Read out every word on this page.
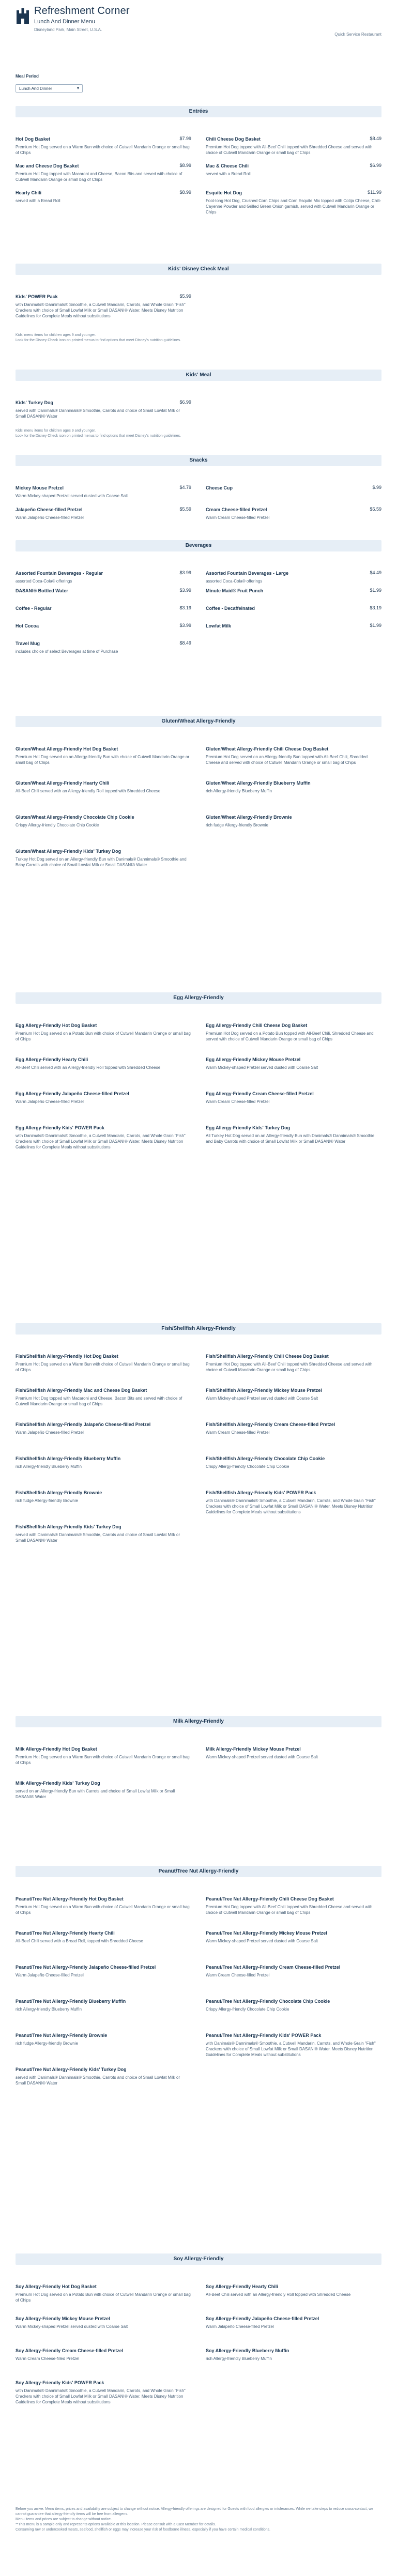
Refreshment Corner
Lunch And Dinner Menu
Disneyland Park, Main Street, U.S.A.
Quick Service Restaurant
Meal Period
Lunch And Dinner	▾
Entrées
Hot Dog Basket	$7.99
Premium Hot Dog served on a Warm Bun with choice of Cutwell Mandarin Orange or small bag of Chips
Chili Cheese Dog Basket	$8.49
Premium Hot Dog topped with All-Beef Chili topped with Shredded Cheese and served with choice of Cutwell Mandarin Orange or small bag of Chips
Mac and Cheese Dog Basket	$8.99
Premium Hot Dog topped with Macaroni and Cheese, Bacon Bits and served with choice of Cutwell Mandarin Orange or small bag of Chips
Mac & Cheese Chili	$6.99
served with a Bread Roll
Hearty Chili	$8.99
served with a Bread Roll
Esquite Hot Dog	$11.99
Foot-long Hot Dog, Crushed Corn Chips and Corn Esquite Mix topped with Cotija Cheese, Chili-Cayenne Powder and Grilled Green Onion garnish, served with Cutwell Mandarin Orange or Chips
Kids' Disney Check Meal
Kids' POWER Pack	$5.99
with Danimals® Dannimals® Smoothie, a Cutwell Mandarin, Carrots, and Whole Grain "Fish" Crackers with choice of Small Lowfat Milk or Small DASANI® Water. Meets Disney Nutrition Guidelines for Complete Meals without substitutions
Kids' menu items for children ages 9 and younger.
Look for the Disney Check icon on printed menus to find options that meet Disney's nutrition guidelines.
Kids' Meal
Kids' Turkey Dog	$6.99
served with Danimals® Dannimals® Smoothie, Carrots and choice of Small Lowfat Milk or Small DASANI® Water
Kids' menu items for children ages 9 and younger.
Look for the Disney Check icon on printed menus to find options that meet Disney's nutrition guidelines.
Snacks
Mickey Mouse Pretzel	$4.79
Warm Mickey-shaped Pretzel served dusted with Coarse Salt
Cheese Cup	$.99
Jalapeño Cheese-filled Pretzel	$5.59
Warm Jalapeño Cheese-filled Pretzel
Cream Cheese-filled Pretzel	$5.59
Warm Cream Cheese-filled Pretzel
Beverages
Assorted Fountain Beverages - Regular	$3.99
assorted Coca-Cola® offerings
Assorted Fountain Beverages - Large	$4.49
assorted Coca-Cola® offerings
DASANI® Bottled Water	$3.99	Minute Maid® Fruit Punch	$1.99
Coffee - Regular	$3.19	Coffee - Decaffeinated	$3.19
Hot Cocoa	$3.99	Lowfat Milk	$1.99
Travel Mug	$8.49
includes choice of select Beverages at time of Purchase
Gluten/Wheat Allergy-Friendly
Gluten/Wheat Allergy-Friendly Hot Dog Basket
Premium Hot Dog served on an Allergy-friendly Bun with choice of Cutwell Mandarin Orange or small bag of Chips
Gluten/Wheat Allergy-Friendly Chili Cheese Dog Basket
Premium Hot Dog served on an Allergy-friendly Bun topped with All-Beef Chili, Shredded Cheese and served with choice of Cutwell Mandarin Orange or small bag of Chips
Gluten/Wheat Allergy-Friendly Hearty Chili
All-Beef Chili served with an Allergy-friendly Roll topped with Shredded Cheese
Gluten/Wheat Allergy-Friendly Blueberry Muffin
rich Allergy-friendly Blueberry Muffin
Gluten/Wheat Allergy-Friendly Chocolate Chip Cookie
Crispy Allergy-friendly Chocolate Chip Cookie
Gluten/Wheat Allergy-Friendly Brownie
rich fudge Allergy-friendly Brownie
Gluten/Wheat Allergy-Friendly Kids' Turkey Dog
Turkey Hot Dog served on an Allergy-friendly Bun with Danimals® Dannimals® Smoothie and Baby Carrots with choice of Small Lowfat Milk or Small DASANI® Water
Egg Allergy-Friendly
Egg Allergy-Friendly Hot Dog Basket
Premium Hot Dog served on a Potato Bun with choice of Cutwell Mandarin Orange or small bag of Chips
Egg Allergy-Friendly Chili Cheese Dog Basket
Premium Hot Dog served on a Potato Bun topped with All-Beef Chili, Shredded Cheese and served with choice of Cutwell Mandarin Orange or small bag of Chips
Egg Allergy-Friendly Hearty Chili
All-Beef Chili served with an Allergy-friendly Roll topped with Shredded Cheese
Egg Allergy-Friendly Mickey Mouse Pretzel
Warm Mickey-shaped Pretzel served dusted with Coarse Salt
Egg Allergy-Friendly Jalapeño Cheese-filled Pretzel
Warm Jalapeño Cheese-filled Pretzel
Egg Allergy-Friendly Cream Cheese-filled Pretzel
Warm Cream Cheese-filled Pretzel
Egg Allergy-Friendly Kids' POWER Pack
with Danimals® Dannimals® Smoothie, a Cutwell Mandarin, Carrots, and Whole Grain "Fish" Crackers with choice of Small Lowfat Milk or Small DASANI® Water. Meets Disney Nutrition Guidelines for Complete Meals without substitutions
Egg Allergy-Friendly Kids' Turkey Dog
All Turkey Hot Dog served on an Allergy-friendly Bun with Danimals® Dannimals® Smoothie and Baby Carrots with choice of Small Lowfat Milk or Small DASANI® Water
Fish/Shellfish Allergy-Friendly
Fish/Shellfish Allergy-Friendly Hot Dog Basket
Premium Hot Dog served on a Warm Bun with choice of Cutwell Mandarin Orange or small bag of Chips
Fish/Shellfish Allergy-Friendly Chili Cheese Dog Basket
Premium Hot Dog topped with All-Beef Chili topped with Shredded Cheese and served with choice of Cutwell Mandarin Orange or small bag of Chips
Fish/Shellfish Allergy-Friendly Mac and Cheese Dog Basket
Premium Hot Dog topped with Macaroni and Cheese, Bacon Bits and served with choice of Cutwell Mandarin Orange or small bag of Chips
Fish/Shellfish Allergy-Friendly Mickey Mouse Pretzel
Warm Mickey-shaped Pretzel served dusted with Coarse Salt
Fish/Shellfish Allergy-Friendly Jalapeño Cheese-filled Pretzel
Warm Jalapeño Cheese-filled Pretzel
Fish/Shellfish Allergy-Friendly Cream Cheese-filled Pretzel
Warm Cream Cheese-filled Pretzel
Fish/Shellfish Allergy-Friendly Blueberry Muffin
rich Allergy-friendly Blueberry Muffin
Fish/Shellfish Allergy-Friendly Chocolate Chip Cookie
Crispy Allergy-friendly Chocolate Chip Cookie
Fish/Shellfish Allergy-Friendly Brownie
rich fudge Allergy-friendly Brownie
Fish/Shellfish Allergy-Friendly Kids' POWER Pack
with Danimals® Dannimals® Smoothie, a Cutwell Mandarin, Carrots, and Whole Grain "Fish" Crackers with choice of Small Lowfat Milk or Small DASANI® Water. Meets Disney Nutrition Guidelines for Complete Meals without substitutions
Fish/Shellfish Allergy-Friendly Kids' Turkey Dog
served with Danimals® Dannimals® Smoothie, Carrots and choice of Small Lowfat Milk or Small DASANI® Water
Milk Allergy-Friendly
Milk Allergy-Friendly Hot Dog Basket
Premium Hot Dog served on a Warm Bun with choice of Cutwell Mandarin Orange or small bag of Chips
Milk Allergy-Friendly Mickey Mouse Pretzel
Warm Mickey-shaped Pretzel served dusted with Coarse Salt
Milk Allergy-Friendly Kids' Turkey Dog
served on an Allergy-friendly Bun with Carrots and choice of Small Lowfat Milk or Small DASANI® Water
Peanut/Tree Nut Allergy-Friendly
Peanut/Tree Nut Allergy-Friendly Hot Dog Basket
Premium Hot Dog served on a Warm Bun with choice of Cutwell Mandarin Orange or small bag of Chips
Peanut/Tree Nut Allergy-Friendly Chili Cheese Dog Basket
Premium Hot Dog topped with All-Beef Chili topped with Shredded Cheese and served with choice of Cutwell Mandarin Orange or small bag of Chips
Peanut/Tree Nut Allergy-Friendly Hearty Chili
All-Beef Chili served with a Bread Roll, topped with Shredded Cheese
Peanut/Tree Nut Allergy-Friendly Mickey Mouse Pretzel
Warm Mickey-shaped Pretzel served dusted with Coarse Salt
Peanut/Tree Nut Allergy-Friendly Jalapeño Cheese-filled Pretzel
Warm Jalapeño Cheese-filled Pretzel
Peanut/Tree Nut Allergy-Friendly Cream Cheese-filled Pretzel
Warm Cream Cheese-filled Pretzel
Peanut/Tree Nut Allergy-Friendly Blueberry Muffin
rich Allergy-friendly Blueberry Muffin
Peanut/Tree Nut Allergy-Friendly Chocolate Chip Cookie
Crispy Allergy-friendly Chocolate Chip Cookie
Peanut/Tree Nut Allergy-Friendly Brownie
rich fudge Allergy-friendly Brownie
Peanut/Tree Nut Allergy-Friendly Kids' POWER Pack
with Danimals® Dannimals® Smoothie, a Cutwell Mandarin, Carrots, and Whole Grain "Fish" Crackers with choice of Small Lowfat Milk or Small DASANI® Water. Meets Disney Nutrition Guidelines for Complete Meals without substitutions
Peanut/Tree Nut Allergy-Friendly Kids' Turkey Dog
served with Danimals® Dannimals® Smoothie, Carrots and choice of Small Lowfat Milk or Small DASANI® Water
Soy Allergy-Friendly
Soy Allergy-Friendly Hot Dog Basket
Premium Hot Dog served on a Potato Bun with choice of Cutwell Mandarin Orange or small bag of Chips
Soy Allergy-Friendly Hearty Chili
All-Beef Chili served with an Allergy-friendly Roll topped with Shredded Cheese
Soy Allergy-Friendly Mickey Mouse Pretzel
Warm Mickey-shaped Pretzel served dusted with Coarse Salt
Soy Allergy-Friendly Jalapeño Cheese-filled Pretzel
Warm Jalapeño Cheese-filled Pretzel
Soy Allergy-Friendly Cream Cheese-filled Pretzel
Warm Cream Cheese-filled Pretzel
Soy Allergy-Friendly Blueberry Muffin
rich Allergy-friendly Blueberry Muffin
Soy Allergy-Friendly Kids' POWER Pack
with Danimals® Dannimals® Smoothie, a Cutwell Mandarin, Carrots, and Whole Grain "Fish" Crackers with choice of Small Lowfat Milk or Small DASANI® Water. Meets Disney Nutrition Guidelines for Complete Meals without substitutions

Before you arrive: Menu items, prices and availability are subject to change without notice. Allergy-friendly offerings are designed for Guests with food allergies or intolerances. While we take steps to reduce cross-contact, we cannot guarantee that allergy-friendly items will be free from allergens.

Menu items and prices are subject to change without notice.

**This menu is a sample only and represents options available at this location. Please consult with a Cast Member for details.

Consuming raw or undercooked meats, seafood, shellfish or eggs may increase your risk of foodborne illness, especially if you have certain medical conditions.
